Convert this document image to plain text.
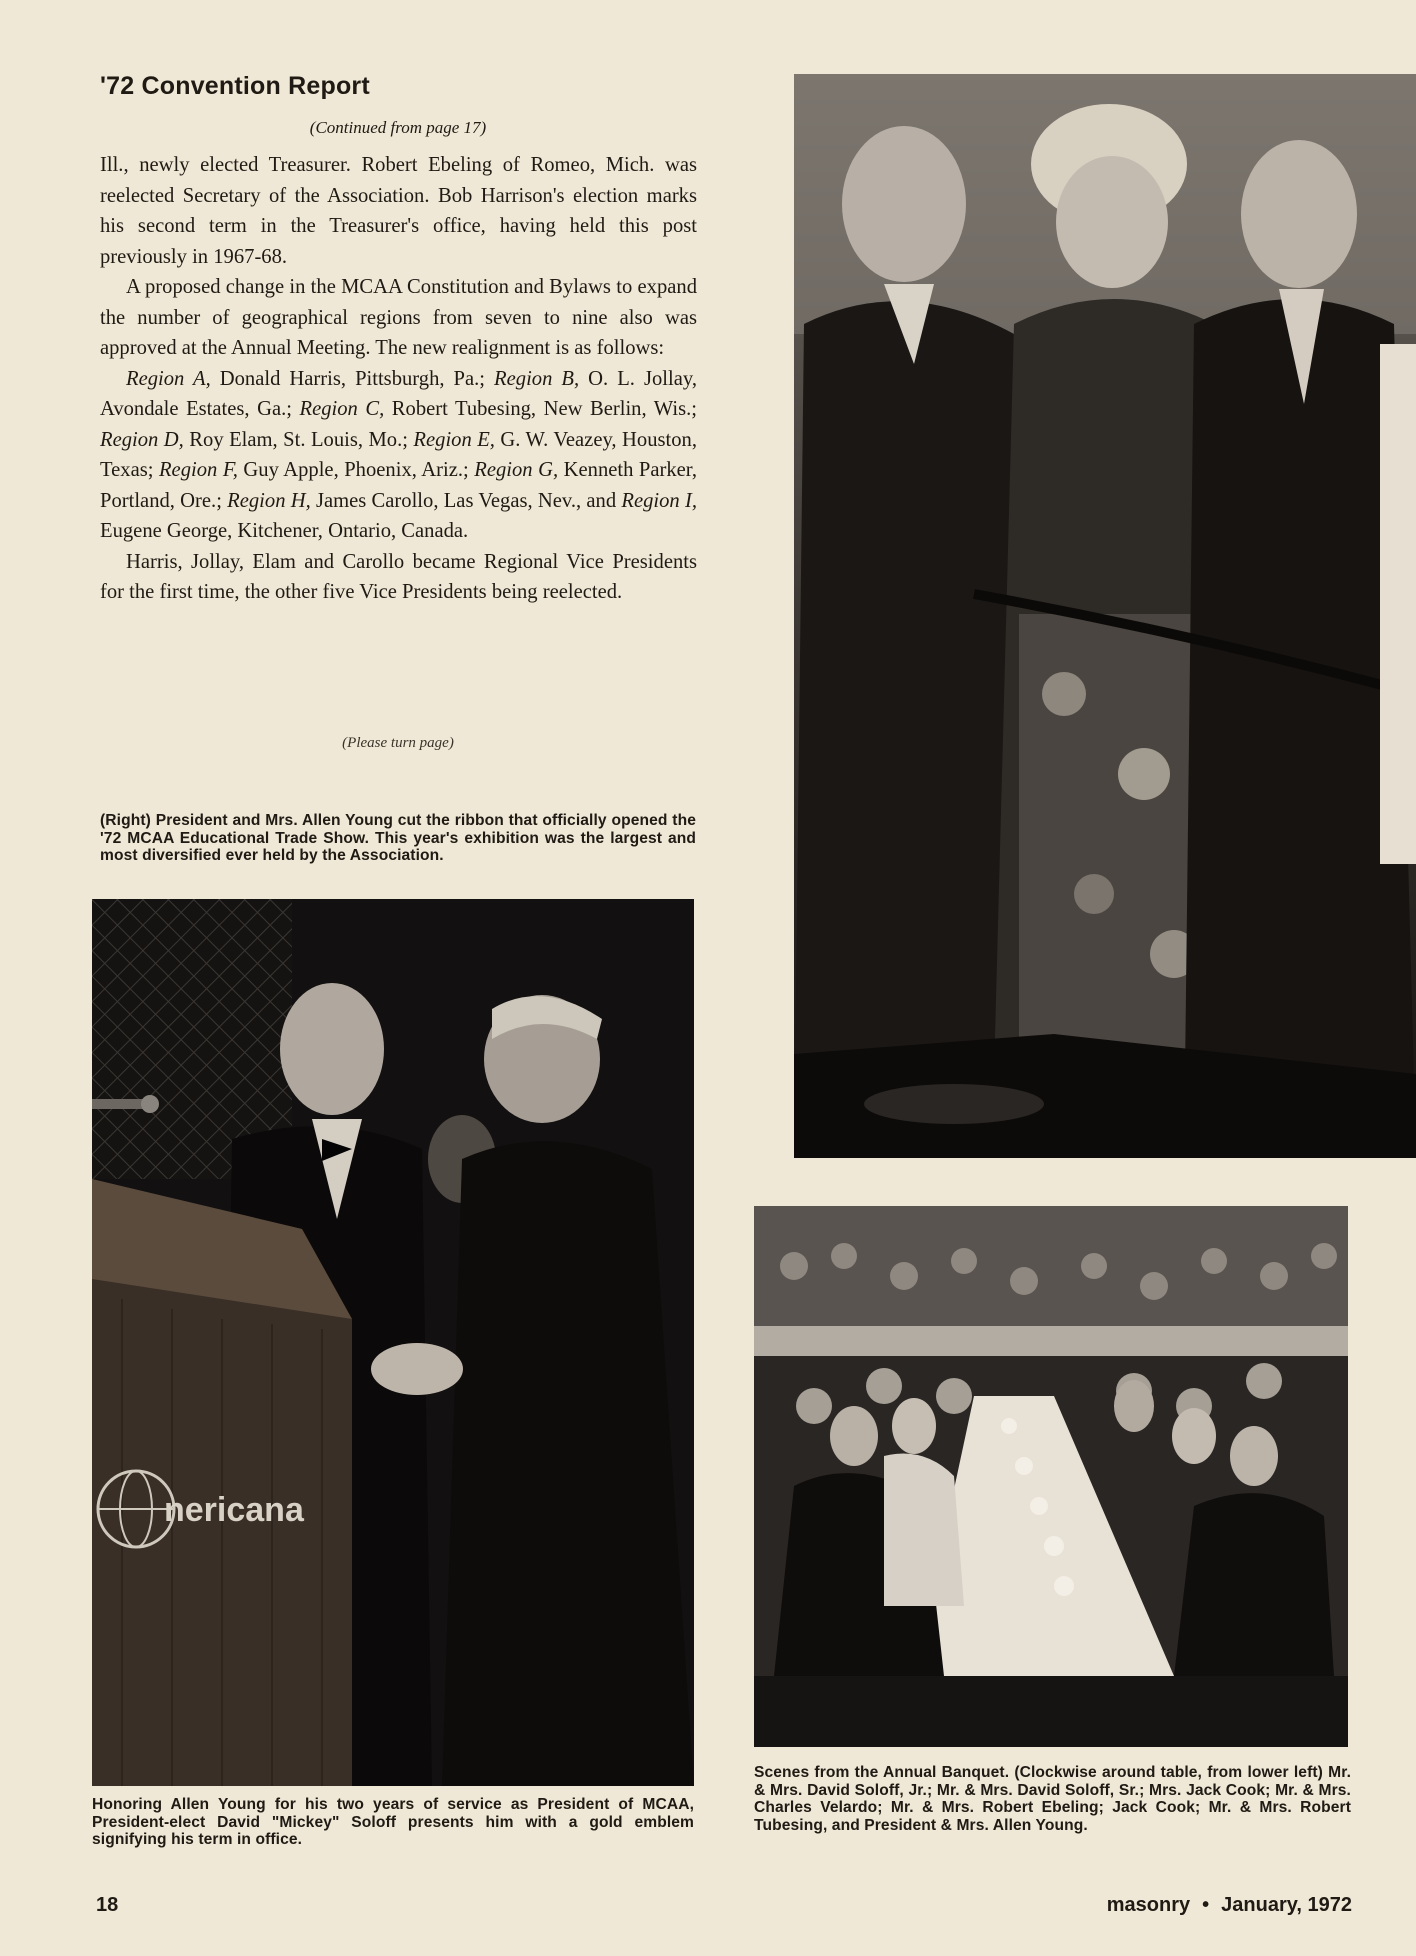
'72 Convention Report
(Continued from page 17)

Ill., newly elected Treasurer. Robert Ebeling of Romeo, Mich. was reelected Secretary of the Association. Bob Harrison's election marks his second term in the Treasurer's office, having held this post previously in 1967-68.

A proposed change in the MCAA Constitution and Bylaws to expand the number of geographical regions from seven to nine also was approved at the Annual Meeting. The new realignment is as follows:

Region A, Donald Harris, Pittsburgh, Pa.; Region B, O. L. Jollay, Avondale Estates, Ga.; Region C, Robert Tubesing, New Berlin, Wis.; Region D, Roy Elam, St. Louis, Mo.; Region E, G. W. Veazey, Houston, Texas; Region F, Guy Apple, Phoenix, Ariz.; Region G, Kenneth Parker, Portland, Ore.; Region H, James Carollo, Las Vegas, Nev., and Region I, Eugene George, Kitchener, Ontario, Canada.

Harris, Jollay, Elam and Carollo became Regional Vice Presidents for the first time, the other five Vice Presidents being reelected.

(Please turn page)
(Right) President and Mrs. Allen Young cut the ribbon that officially opened the '72 MCAA Educational Trade Show. This year's exhibition was the largest and most diversified ever held by the Association.
nericana
Honoring Allen Young for his two years of service as President of MCAA, President-elect David "Mickey" Soloff presents him with a gold emblem signifying his term in office.
Scenes from the Annual Banquet. (Clockwise around table, from lower left) Mr. & Mrs. David Soloff, Jr.; Mr. & Mrs. David Soloff, Sr.; Mrs. Jack Cook; Mr. & Mrs. Charles Velardo; Mr. & Mrs. Robert Ebeling; Jack Cook; Mr. & Mrs. Robert Tubesing, and President & Mrs. Allen Young.
18	masonry • January, 1972
